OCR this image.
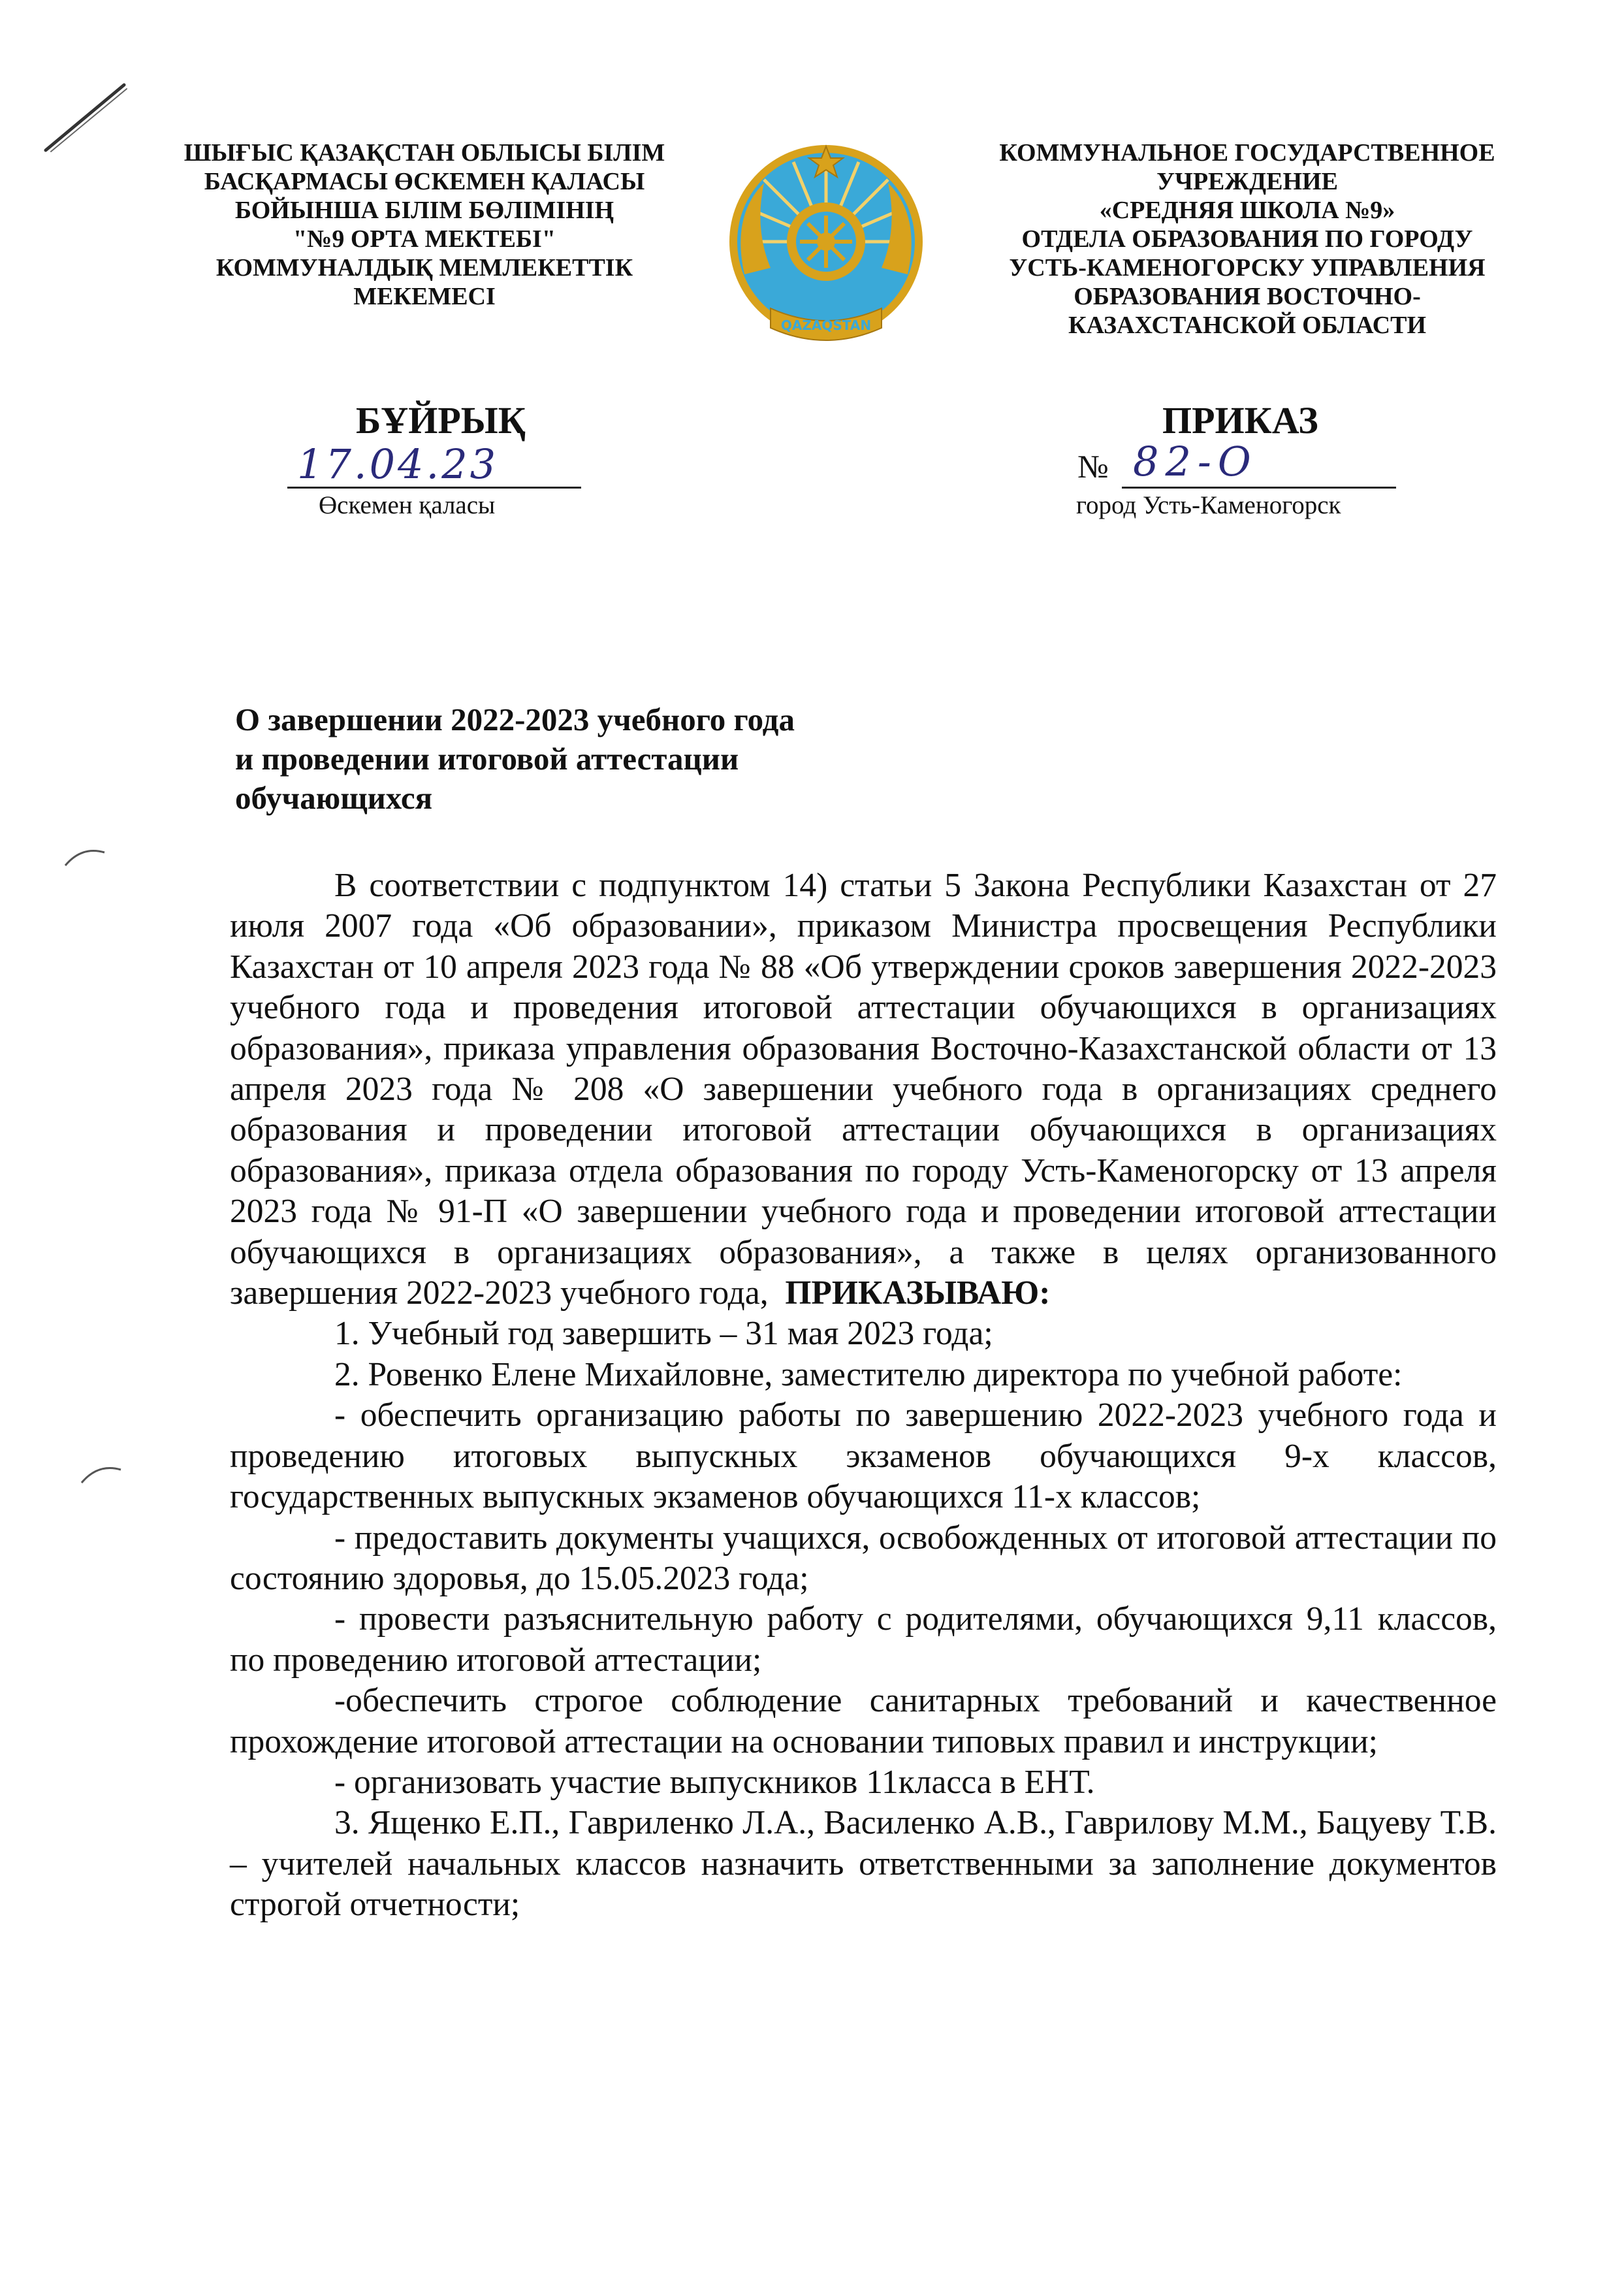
ШЫҒЫС ҚАЗАҚСТАН ОБЛЫСЫ БІЛІМ
БАСҚАРМАСЫ ӨСКЕМЕН ҚАЛАСЫ
БОЙЫНША БІЛІМ БӨЛІМІНІҢ
"№9 ОРТА МЕКТЕБІ"
КОММУНАЛДЫҚ МЕМЛЕКЕТТІК
МЕКЕМЕСІ
QAZAQSTAN
КОММУНАЛЬНОЕ ГОСУДАРСТВЕННОЕ
УЧРЕЖДЕНИЕ
«СРЕДНЯЯ ШКОЛА №9»
ОТДЕЛА ОБРАЗОВАНИЯ ПО ГОРОДУ
УСТЬ-КАМЕНОГОРСКУ УПРАВЛЕНИЯ
ОБРАЗОВАНИЯ ВОСТОЧНО-
КАЗАХСТАНСКОЙ ОБЛАСТИ
БҰЙРЫҚ	ПРИКАЗ
17.04.23	№ 82-О
Өскемен қаласы	город Усть-Каменогорск
О завершении 2022-2023 учебного года
и проведении итоговой аттестации
обучающихся

В соответствии с подпунктом 14) статьи 5 Закона Республики Казахстан от 27 июля 2007 года «Об образовании», приказом Министра просвещения Республики Казахстан от 10 апреля 2023 года № 88 «Об утверждении сроков завершения 2022-2023 учебного года и проведения итоговой аттестации обучающихся в организациях образования», приказа управления образования Восточно-Казахстанской области от 13 апреля 2023 года № 208 «О завершении учебного года в организациях среднего образования и проведении итоговой аттестации обучающихся в организациях образования», приказа отдела образования по городу Усть-Каменогорску от 13 апреля 2023 года № 91-П «О завершении учебного года и проведении итоговой аттестации обучающихся в организациях образования», а также в целях организованного завершения 2022-2023 учебного года, ПРИКАЗЫВАЮ:

1. Учебный год завершить – 31 мая 2023 года;

2. Ровенко Елене Михайловне, заместителю директора по учебной работе:

- обеспечить организацию работы по завершению 2022-2023 учебного года и проведению итоговых выпускных экзаменов обучающихся 9-х классов, государственных выпускных экзаменов обучающихся 11-х классов;

- предоставить документы учащихся, освобожденных от итоговой аттестации по состоянию здоровья, до 15.05.2023 года;

- провести разъяснительную работу с родителями, обучающихся 9,11 классов, по проведению итоговой аттестации;

-обеспечить строгое соблюдение санитарных требований и качественное прохождение итоговой аттестации на основании типовых правил и инструкции;

- организовать участие выпускников 11класса в ЕНТ.

3. Ященко Е.П., Гавриленко Л.А., Василенко А.В., Гаврилову М.М., Бацуеву Т.В. – учителей начальных классов назначить ответственными за заполнение документов строгой отчетности;
